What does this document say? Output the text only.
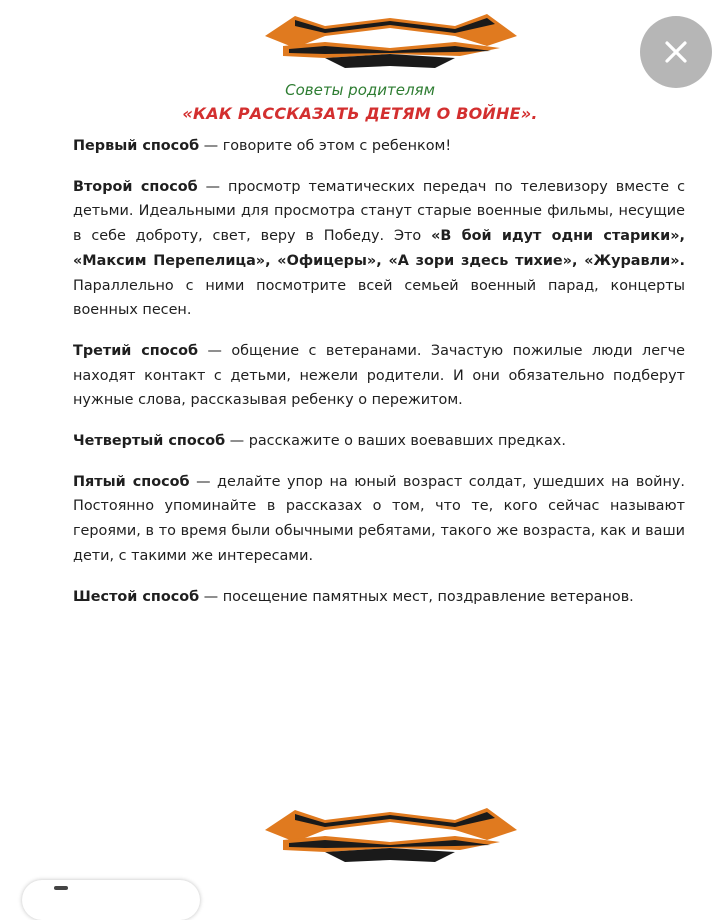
Советы родителям
«КАК РАССКАЗАТЬ ДЕТЯМ О ВОЙНЕ».

Первый способ — говорите об этом с ребенком!

Второй способ — просмотр тематических передач по телевизору вместе с детьми. Идеальными для просмотра станут старые военные фильмы, несущие в себе доброту, свет, веру в Победу. Это «В бой идут одни старики», «Максим Перепелица», «Офицеры», «А зори здесь тихие», «Журавли». Параллельно с ними посмотрите всей семьей военный парад, концерты военных песен.

Третий способ — общение с ветеранами. Зачастую пожилые люди легче находят контакт с детьми, нежели родители. И они обязательно подберут нужные слова, рассказывая ребенку о пережитом.

Четвертый способ — расскажите о ваших воевавших предках.

Пятый способ — делайте упор на юный возраст солдат, ушедших на войну. Постоянно упоминайте в рассказах о том, что те, кого сейчас называют героями, в то время были обычными ребятами, такого же возраста, как и ваши дети, с такими же интересами.

Шестой способ — посещение памятных мест, поздравление ветеранов.
